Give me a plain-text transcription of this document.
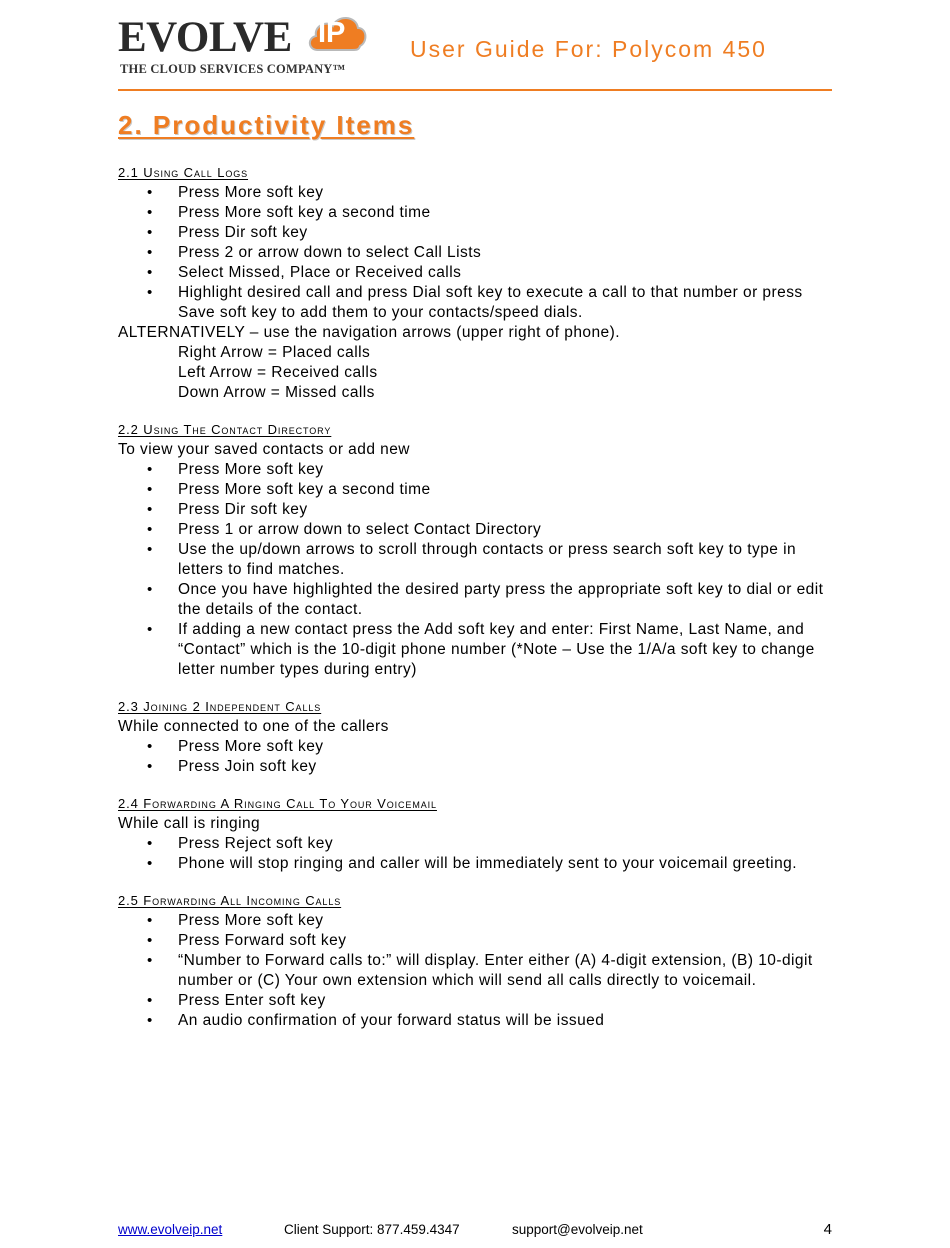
EVOLVE IP
THE CLOUD SERVICES COMPANY™
User Guide For: Polycom 450
2. Productivity Items
2.1 Using Call Logs
• Press More soft key
• Press More soft key a second time
• Press Dir soft key
• Press 2 or arrow down to select Call Lists
• Select Missed, Place or Received calls
• Highlight desired call and press Dial soft key to execute a call to that number or press Save soft key to add them to your contacts/speed dials.
ALTERNATIVELY – use the navigation arrows (upper right of phone).
Right Arrow = Placed calls
Left Arrow = Received calls
Down Arrow = Missed calls
2.2 Using The Contact Directory
To view your saved contacts or add new
• Press More soft key
• Press More soft key a second time
• Press Dir soft key
• Press 1 or arrow down to select Contact Directory
• Use the up/down arrows to scroll through contacts or press search soft key to type in letters to find matches.
• Once you have highlighted the desired party press the appropriate soft key to dial or edit the details of the contact.
• If adding a new contact press the Add soft key and enter: First Name, Last Name, and “Contact” which is the 10-digit phone number (*Note – Use the 1/A/a soft key to change letter number types during entry)
2.3 Joining 2 Independent Calls
While connected to one of the callers
• Press More soft key
• Press Join soft key
2.4 Forwarding A Ringing Call To Your Voicemail
While call is ringing
• Press Reject soft key
• Phone will stop ringing and caller will be immediately sent to your voicemail greeting.
2.5 Forwarding All Incoming Calls
• Press More soft key
• Press Forward soft key
• “Number to Forward calls to:” will display. Enter either (A) 4-digit extension, (B) 10-digit number or (C) Your own extension which will send all calls directly to voicemail.
• Press Enter soft key
• An audio confirmation of your forward status will be issued
www.evolveip.net	Client Support: 877.459.4347	support@evolveip.net	4
